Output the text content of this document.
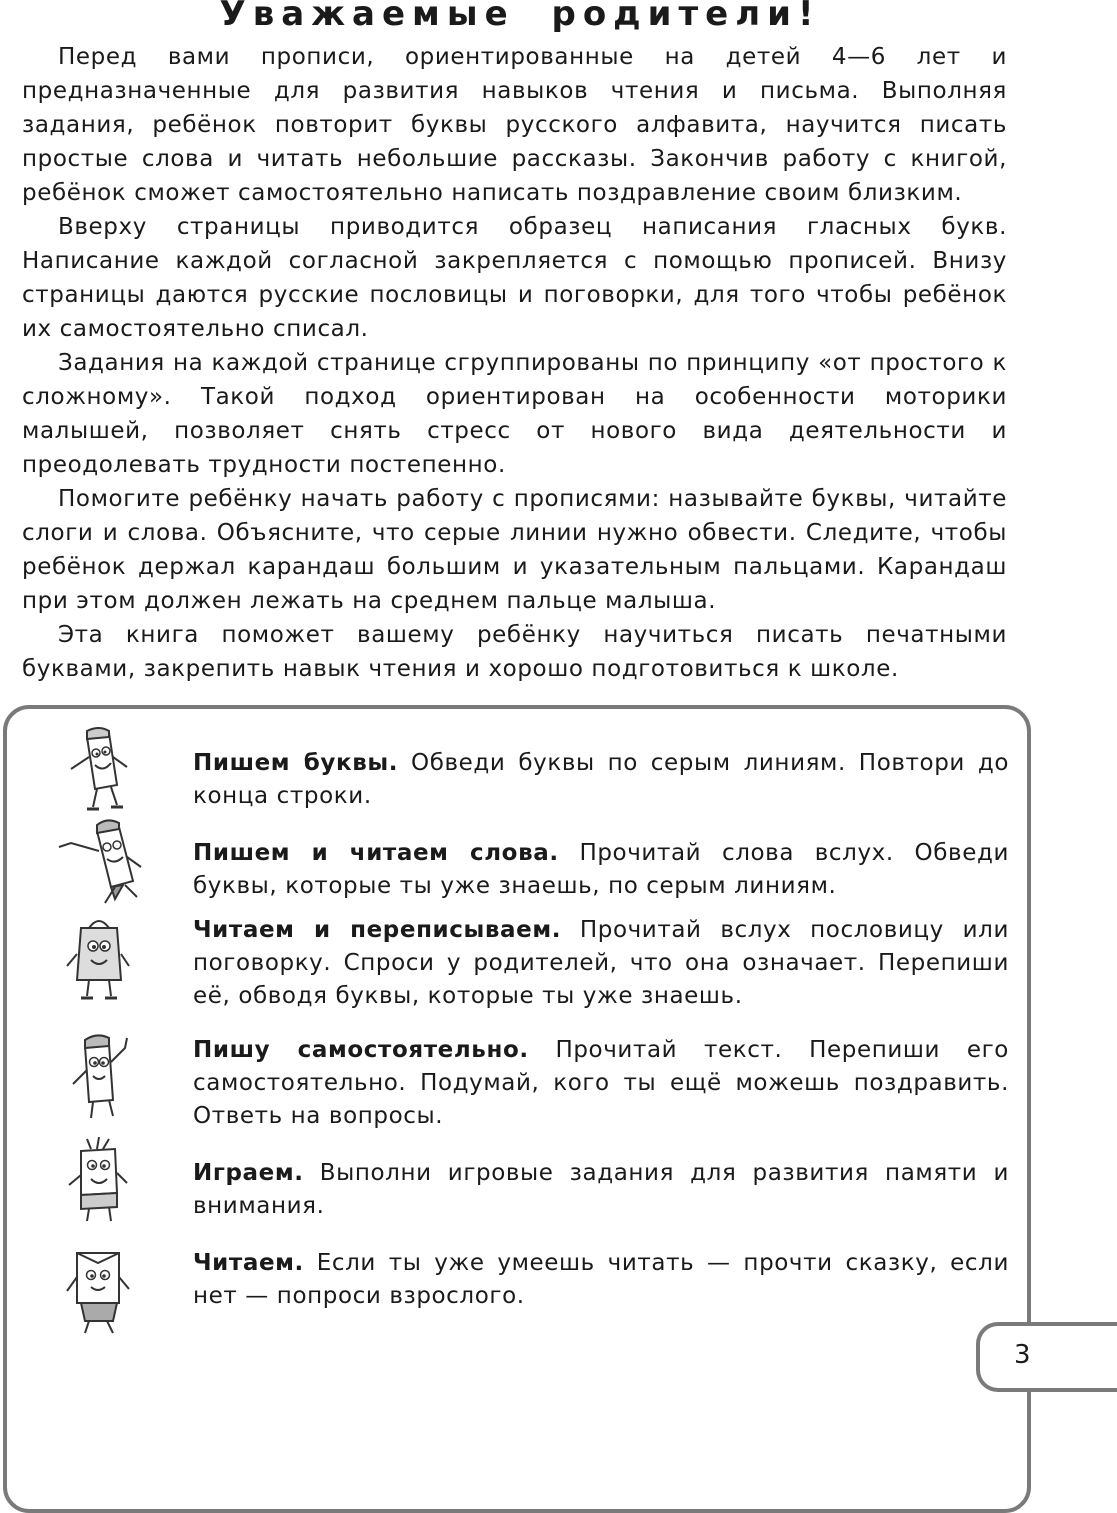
Уважаемые родители!

Перед вами прописи, ориентированные на детей 4—6 лет и предназначенные для развития навыков чтения и письма. Выполняя задания, ребёнок повторит буквы русского алфавита, научится писать простые слова и читать небольшие рассказы. Закончив работу с книгой, ребёнок сможет самостоятельно написать поздравление своим близким.

Вверху страницы приводится образец написания гласных букв. Написание каждой согласной закрепляется с помощью прописей. Внизу страницы даются русские пословицы и поговорки, для того чтобы ребёнок их самостоятельно списал.

Задания на каждой странице сгруппированы по принципу «от простого к сложному». Такой подход ориентирован на особенности моторики малышей, позволяет снять стресс от нового вида деятельности и преодолевать трудности постепенно.

Помогите ребёнку начать работу с прописями: называйте буквы, читайте слоги и слова. Объясните, что серые линии нужно обвести. Следите, чтобы ребёнок держал карандаш большим и указательным пальцами. Карандаш при этом должен лежать на среднем пальце малыша.

Эта книга поможет вашему ребёнку научиться писать печатными буквами, закрепить навык чтения и хорошо подготовиться к школе.

Пишем буквы. Обведи буквы по серым линиям. Повтори до конца строки.
Пишем и читаем слова. Прочитай слова вслух. Обведи буквы, которые ты уже знаешь, по серым линиям.
Читаем и переписываем. Прочитай вслух пословицу или поговорку. Спроси у родителей, что она означает. Перепиши её, обводя буквы, которые ты уже знаешь.
Пишу самостоятельно. Прочитай текст. Перепиши его самостоятельно. Подумай, кого ты ещё можешь поздравить. Ответь на вопросы.
Играем. Выполни игровые задания для развития памяти и внимания.
Читаем. Если ты уже умеешь читать — прочти сказку, если нет — попроси взрослого.
3
